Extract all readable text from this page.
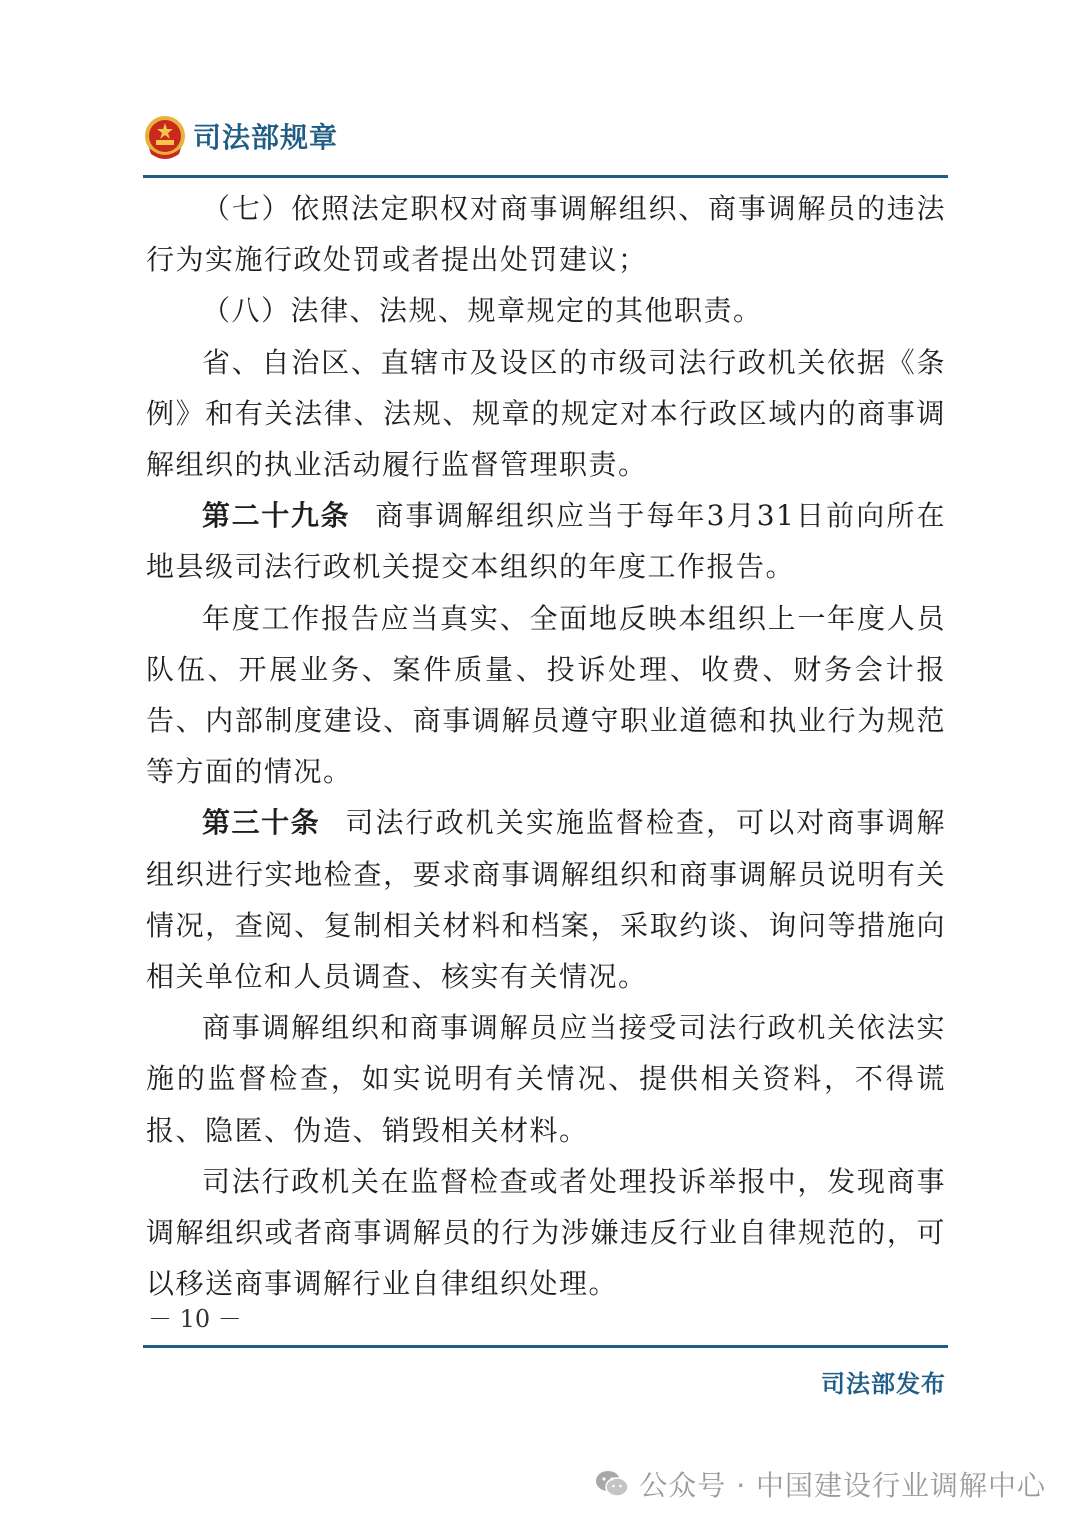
司法部规章

（七）依照法定职权对商事调解组织、商事调解员的违法行为实施行政处罚或者提出处罚建议；

（八）法律、法规、规章规定的其他职责。

省、自治区、直辖市及设区的市级司法行政机关依据《条例》和有关法律、法规、规章的规定对本行政区域内的商事调解组织的执业活动履行监督管理职责。

第二十九条 商事调解组织应当于每年3月31日前向所在地县级司法行政机关提交本组织的年度工作报告。

年度工作报告应当真实、全面地反映本组织上一年度人员队伍、开展业务、案件质量、投诉处理、收费、财务会计报告、内部制度建设、商事调解员遵守职业道德和执业行为规范等方面的情况。

第三十条 司法行政机关实施监督检查，可以对商事调解组织进行实地检查，要求商事调解组织和商事调解员说明有关情况，查阅、复制相关材料和档案，采取约谈、询问等措施向相关单位和人员调查、核实有关情况。

商事调解组织和商事调解员应当接受司法行政机关依法实施的监督检查，如实说明有关情况、提供相关资料，不得谎报、隐匿、伪造、销毁相关材料。

司法行政机关在监督检查或者处理投诉举报中，发现商事调解组织或者商事调解员的行为涉嫌违反行业自律规范的，可以移送商事调解行业自律组织处理。

－ 10 －
司法部发布
公众号 · 中国建设行业调解中心
